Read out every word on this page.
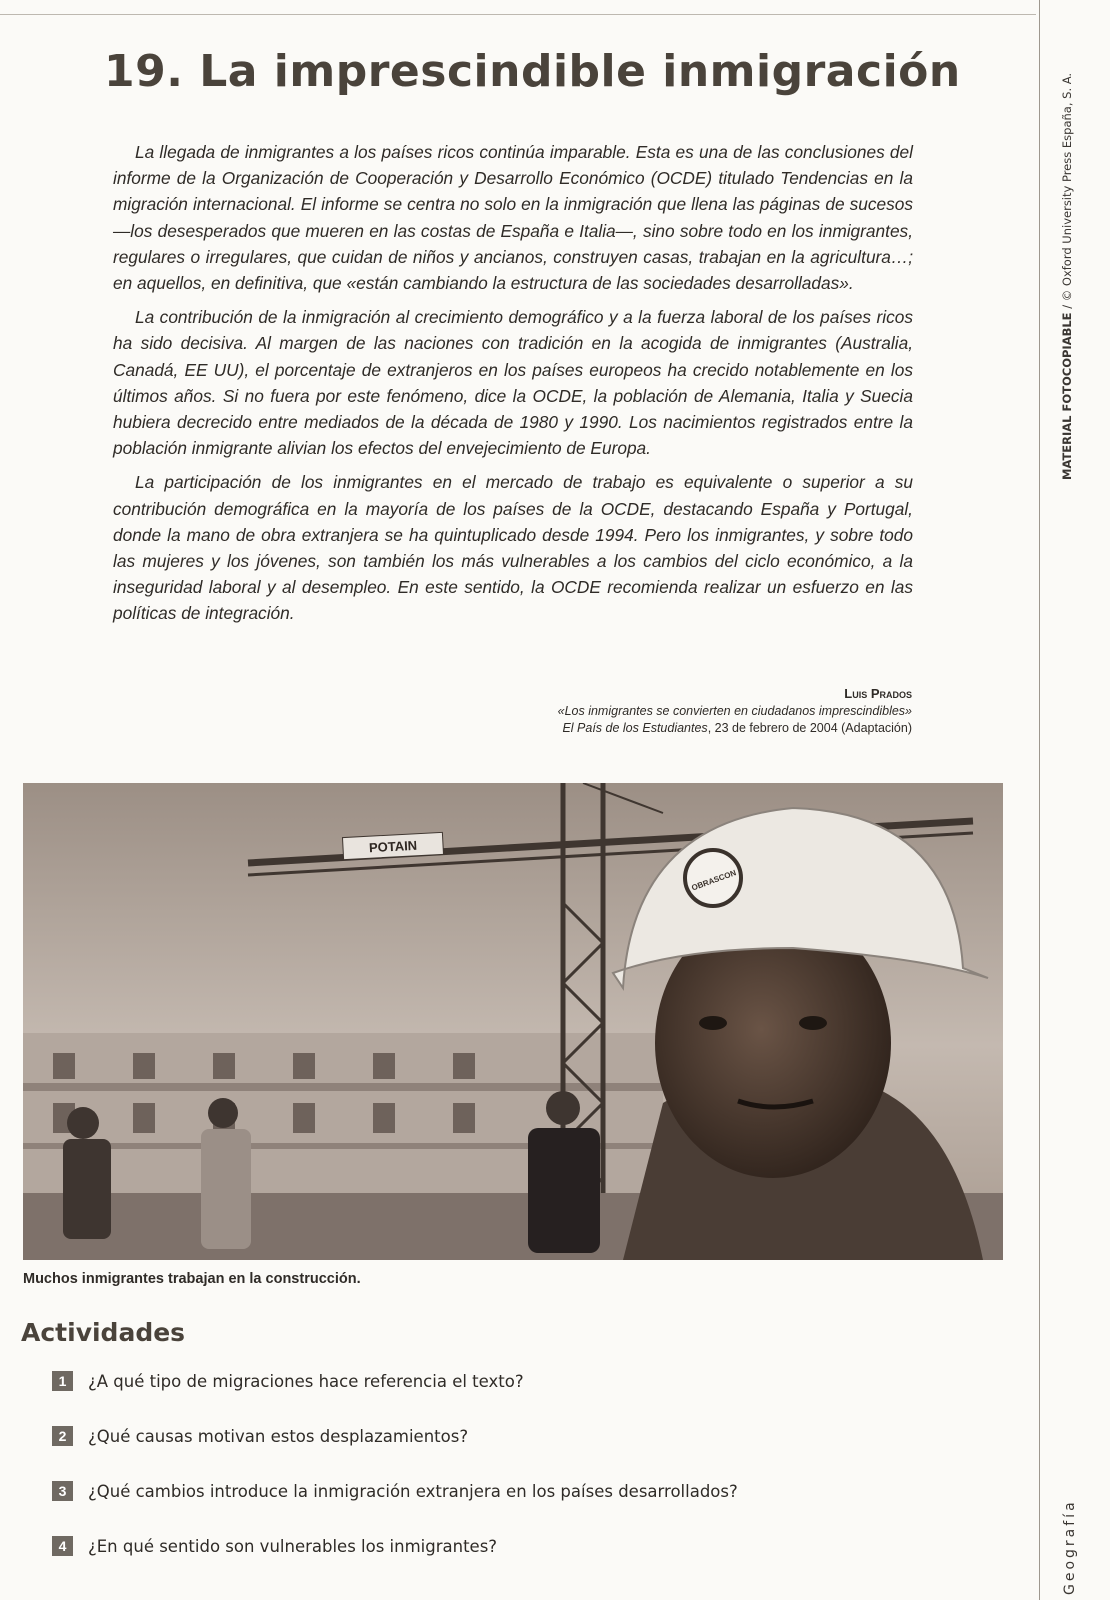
MATERIAL FOTOCOPIABLE / © Oxford University Press España, S. A.
Geografía
19. La imprescindible inmigración

La llegada de inmigrantes a los países ricos continúa imparable. Esta es una de las conclusiones del informe de la Organización de Cooperación y Desarrollo Económico (OCDE) titulado Tendencias en la migración internacional. El informe se centra no solo en la inmigración que llena las páginas de sucesos —los desesperados que mueren en las costas de España e Italia—, sino sobre todo en los inmigrantes, regulares o irregulares, que cuidan de niños y ancianos, construyen casas, trabajan en la agricultura…; en aquellos, en definitiva, que «están cambiando la estructura de las sociedades desarrolladas».

La contribución de la inmigración al crecimiento demográfico y a la fuerza laboral de los países ricos ha sido decisiva. Al margen de las naciones con tradición en la acogida de inmigrantes (Australia, Canadá, EE UU), el porcentaje de extranjeros en los países europeos ha crecido notablemente en los últimos años. Si no fuera por este fenómeno, dice la OCDE, la población de Alemania, Italia y Suecia hubiera decrecido entre mediados de la década de 1980 y 1990. Los nacimientos registrados entre la población inmigrante alivian los efectos del envejecimiento de Europa.

La participación de los inmigrantes en el mercado de trabajo es equivalente o superior a su contribución demográfica en la mayoría de los países de la OCDE, destacando España y Portugal, donde la mano de obra extranjera se ha quintuplicado desde 1994. Pero los inmigrantes, y sobre todo las mujeres y los jóvenes, son también los más vulnerables a los cambios del ciclo económico, a la inseguridad laboral y al desempleo. En este sentido, la OCDE recomienda realizar un esfuerzo en las políticas de integración.

Luis Prados
«Los inmigrantes se convierten en ciudadanos imprescindibles»
El País de los Estudiantes, 23 de febrero de 2004 (Adaptación)
POTAIN
OBRASCON
Muchos inmigrantes trabajan en la construcción.
Actividades
1	¿A qué tipo de migraciones hace referencia el texto?
2	¿Qué causas motivan estos desplazamientos?
3	¿Qué cambios introduce la inmigración extranjera en los países desarrollados?
4	¿En qué sentido son vulnerables los inmigrantes?
